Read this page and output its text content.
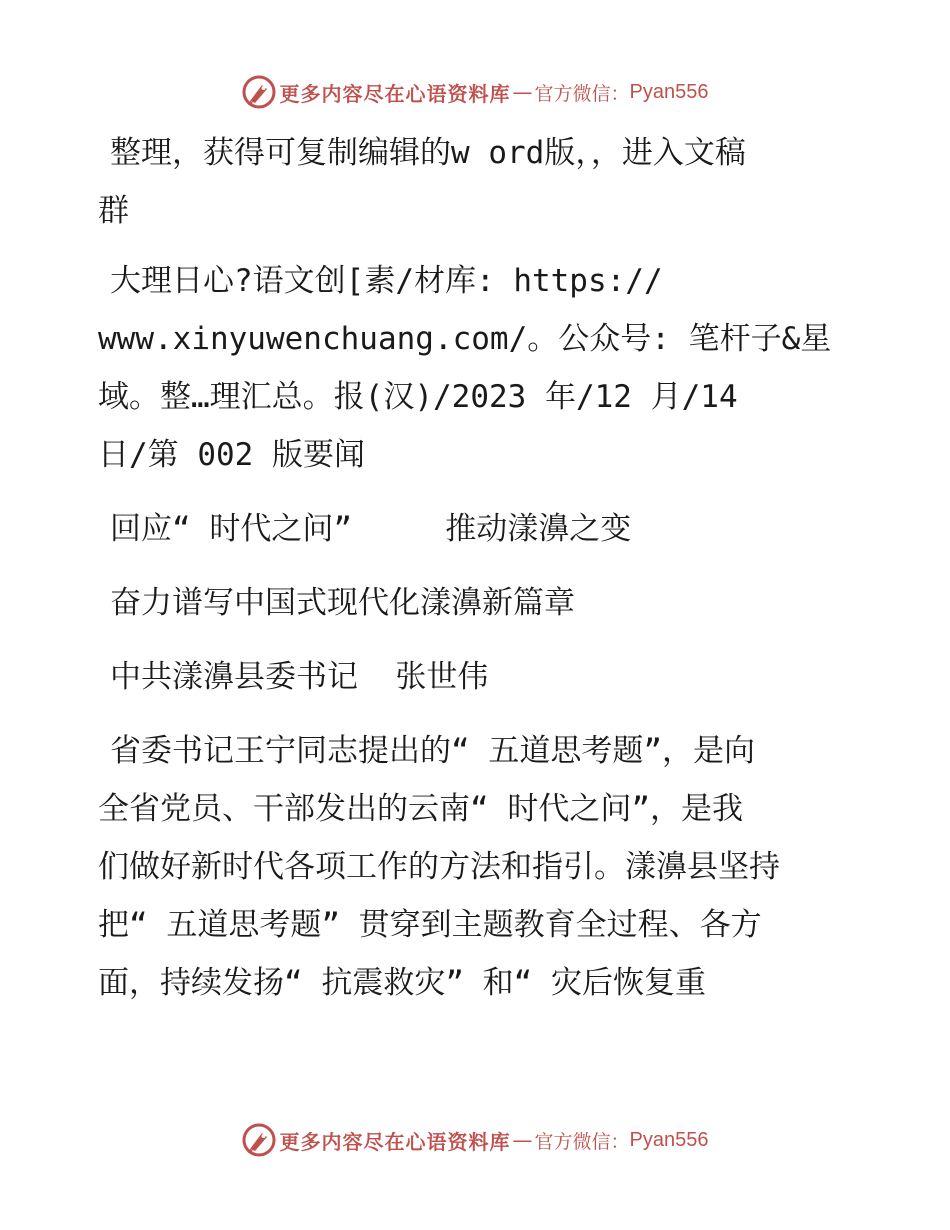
更多内容尽在心语资料库 — 官方微信： Pyan556

整理，获得可复制编辑的w ord版，，进入文稿

群

大理日心?语文创[素/材库: https://

www.xinyuwenchuang.com/。公众号: 笔杆子&星

域。整…理汇总。报(汉)/2023 年/12 月/14

日/第 002 版要闻

回应“ 时代之问”     推动漾濞之变

奋力谱写中国式现代化漾濞新篇章

中共漾濞县委书记  张世伟

省委书记王宁同志提出的“ 五道思考题”，是向

全省党员、干部发出的云南“ 时代之问”，是我

们做好新时代各项工作的方法和指引。漾濞县坚持

把“ 五道思考题” 贯穿到主题教育全过程、各方

面，持续发扬“ 抗震救灾” 和“ 灾后恢复重

更多内容尽在心语资料库 — 官方微信： Pyan556
